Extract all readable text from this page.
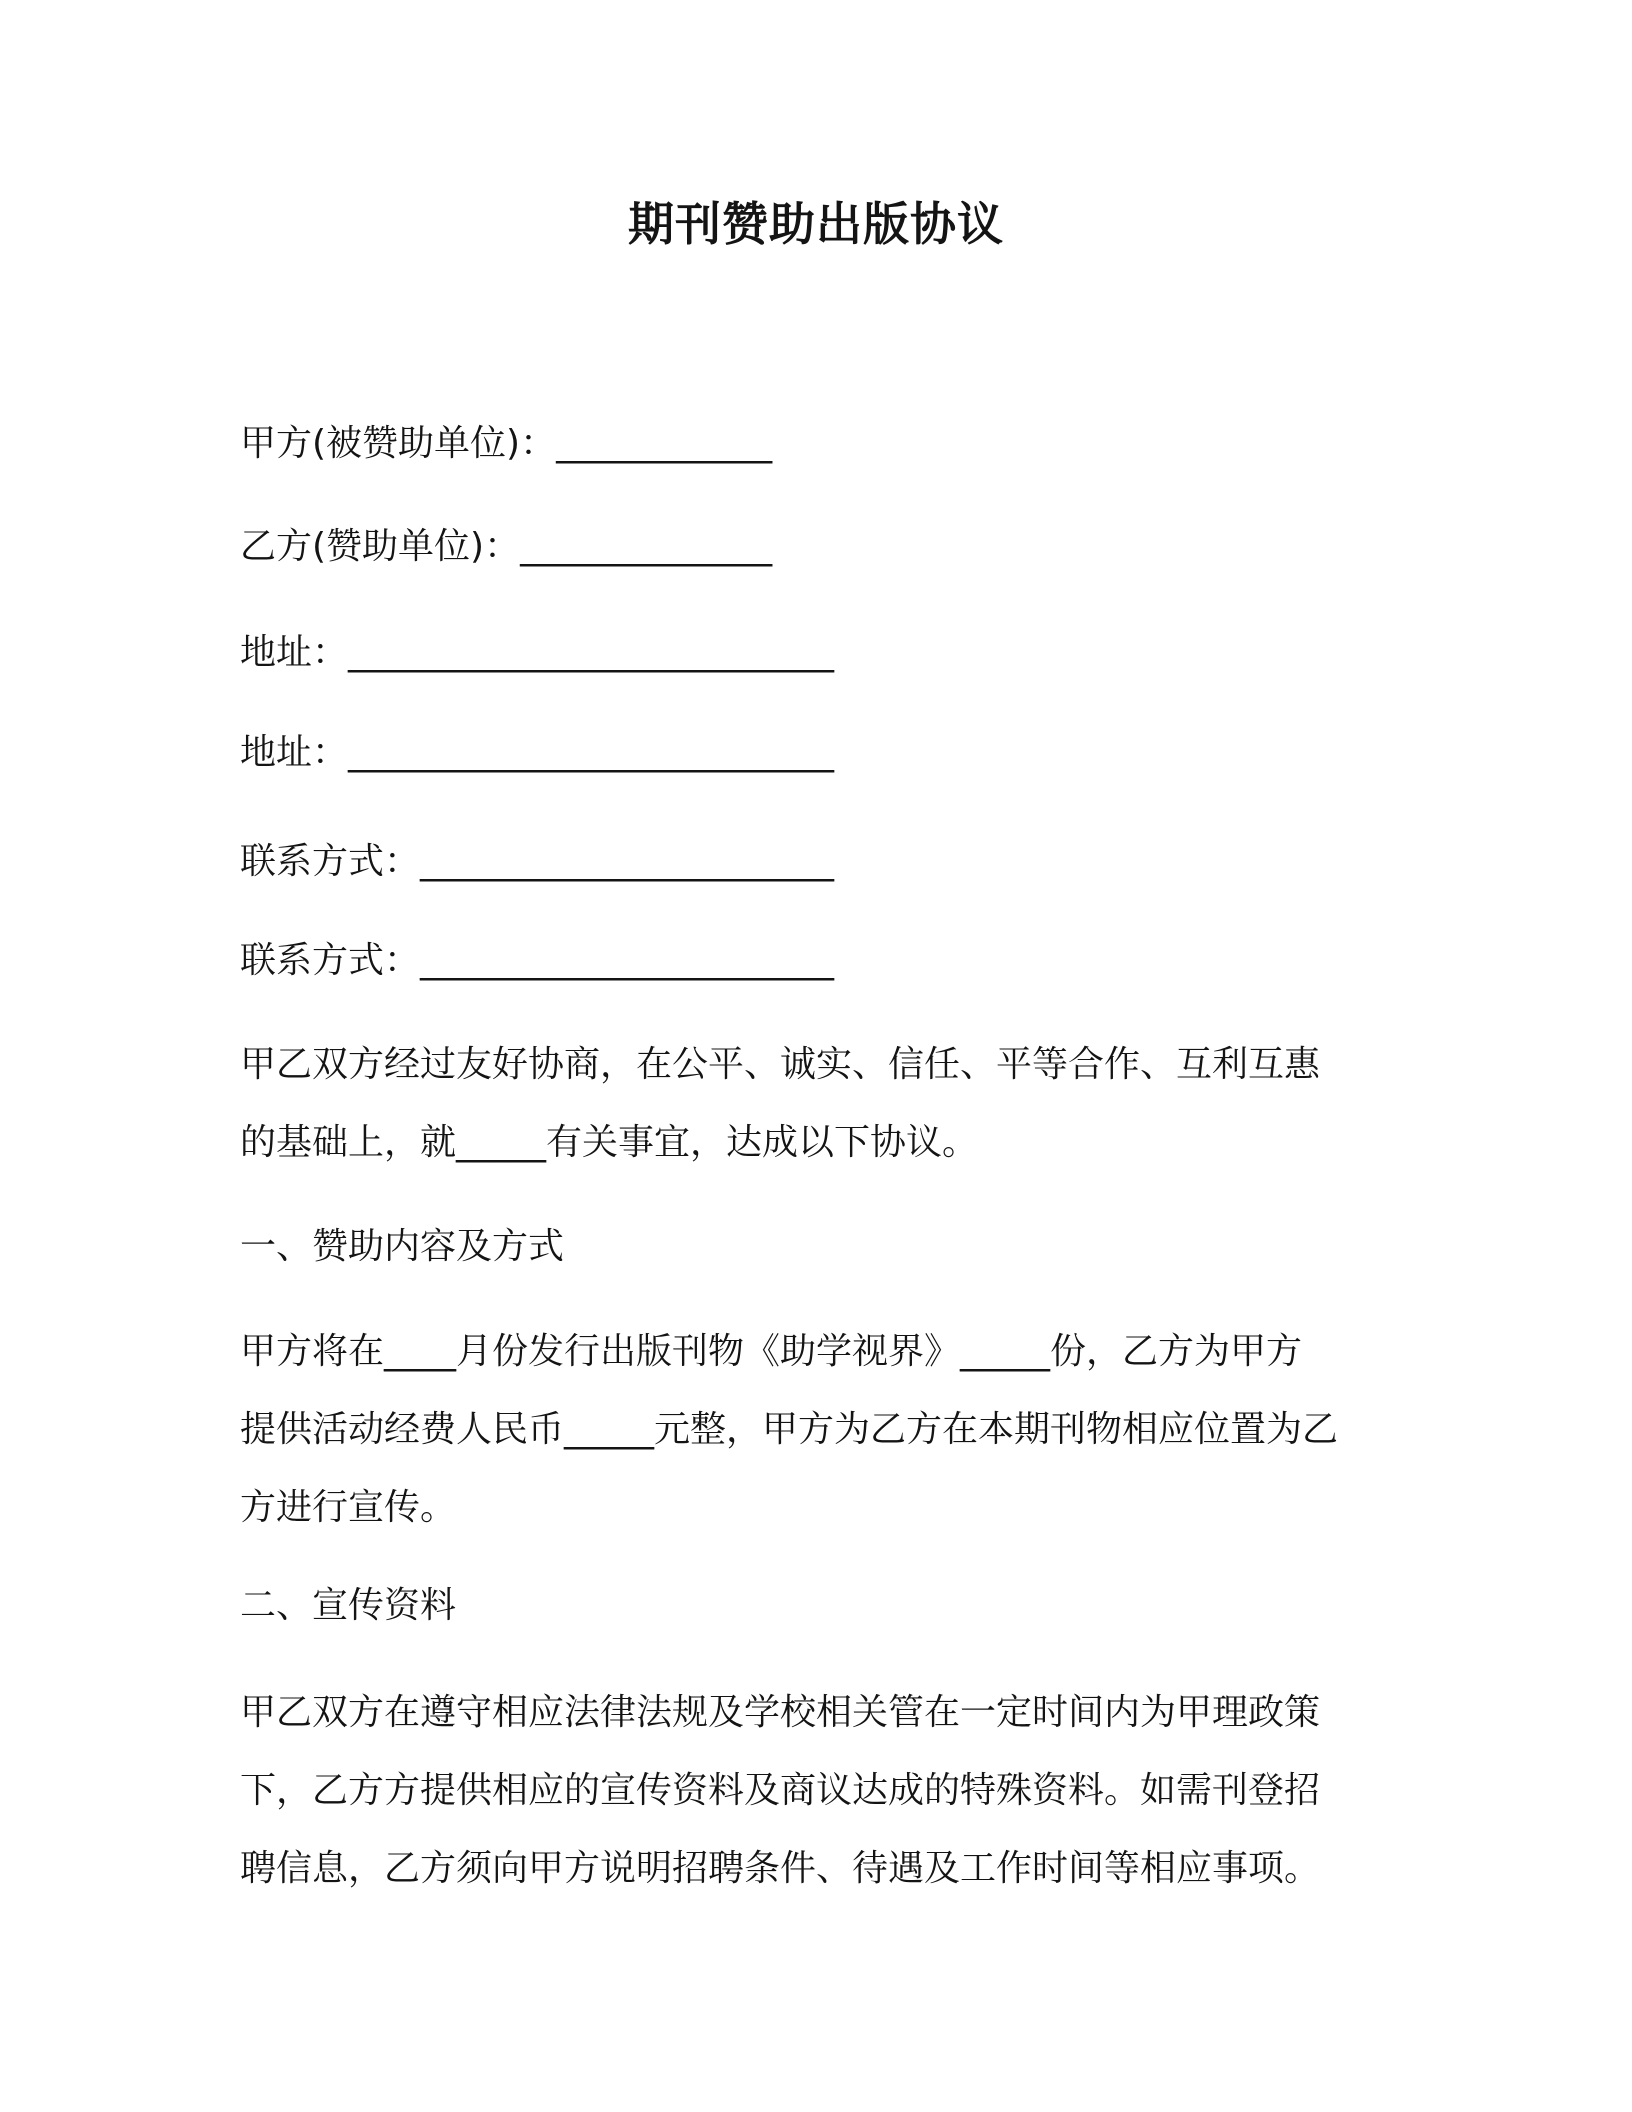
期刊赞助出版协议
甲方(被赞助单位)：____________
乙方(赞助单位)：______________
地址：___________________________
地址：___________________________
联系方式：_______________________
联系方式：_______________________
甲乙双方经过友好协商，在公平、诚实、信任、平等合作、互利互惠
的基础上，就_____有关事宜，达成以下协议。
一、赞助内容及方式
甲方将在____月份发行出版刊物《助学视界》_____份，乙方为甲方
提供活动经费人民币_____元整，甲方为乙方在本期刊物相应位置为乙
方进行宣传。
二、宣传资料
甲乙双方在遵守相应法律法规及学校相关管在一定时间内为甲理政策
下，乙方方提供相应的宣传资料及商议达成的特殊资料。如需刊登招
聘信息，乙方须向甲方说明招聘条件、待遇及工作时间等相应事项。
